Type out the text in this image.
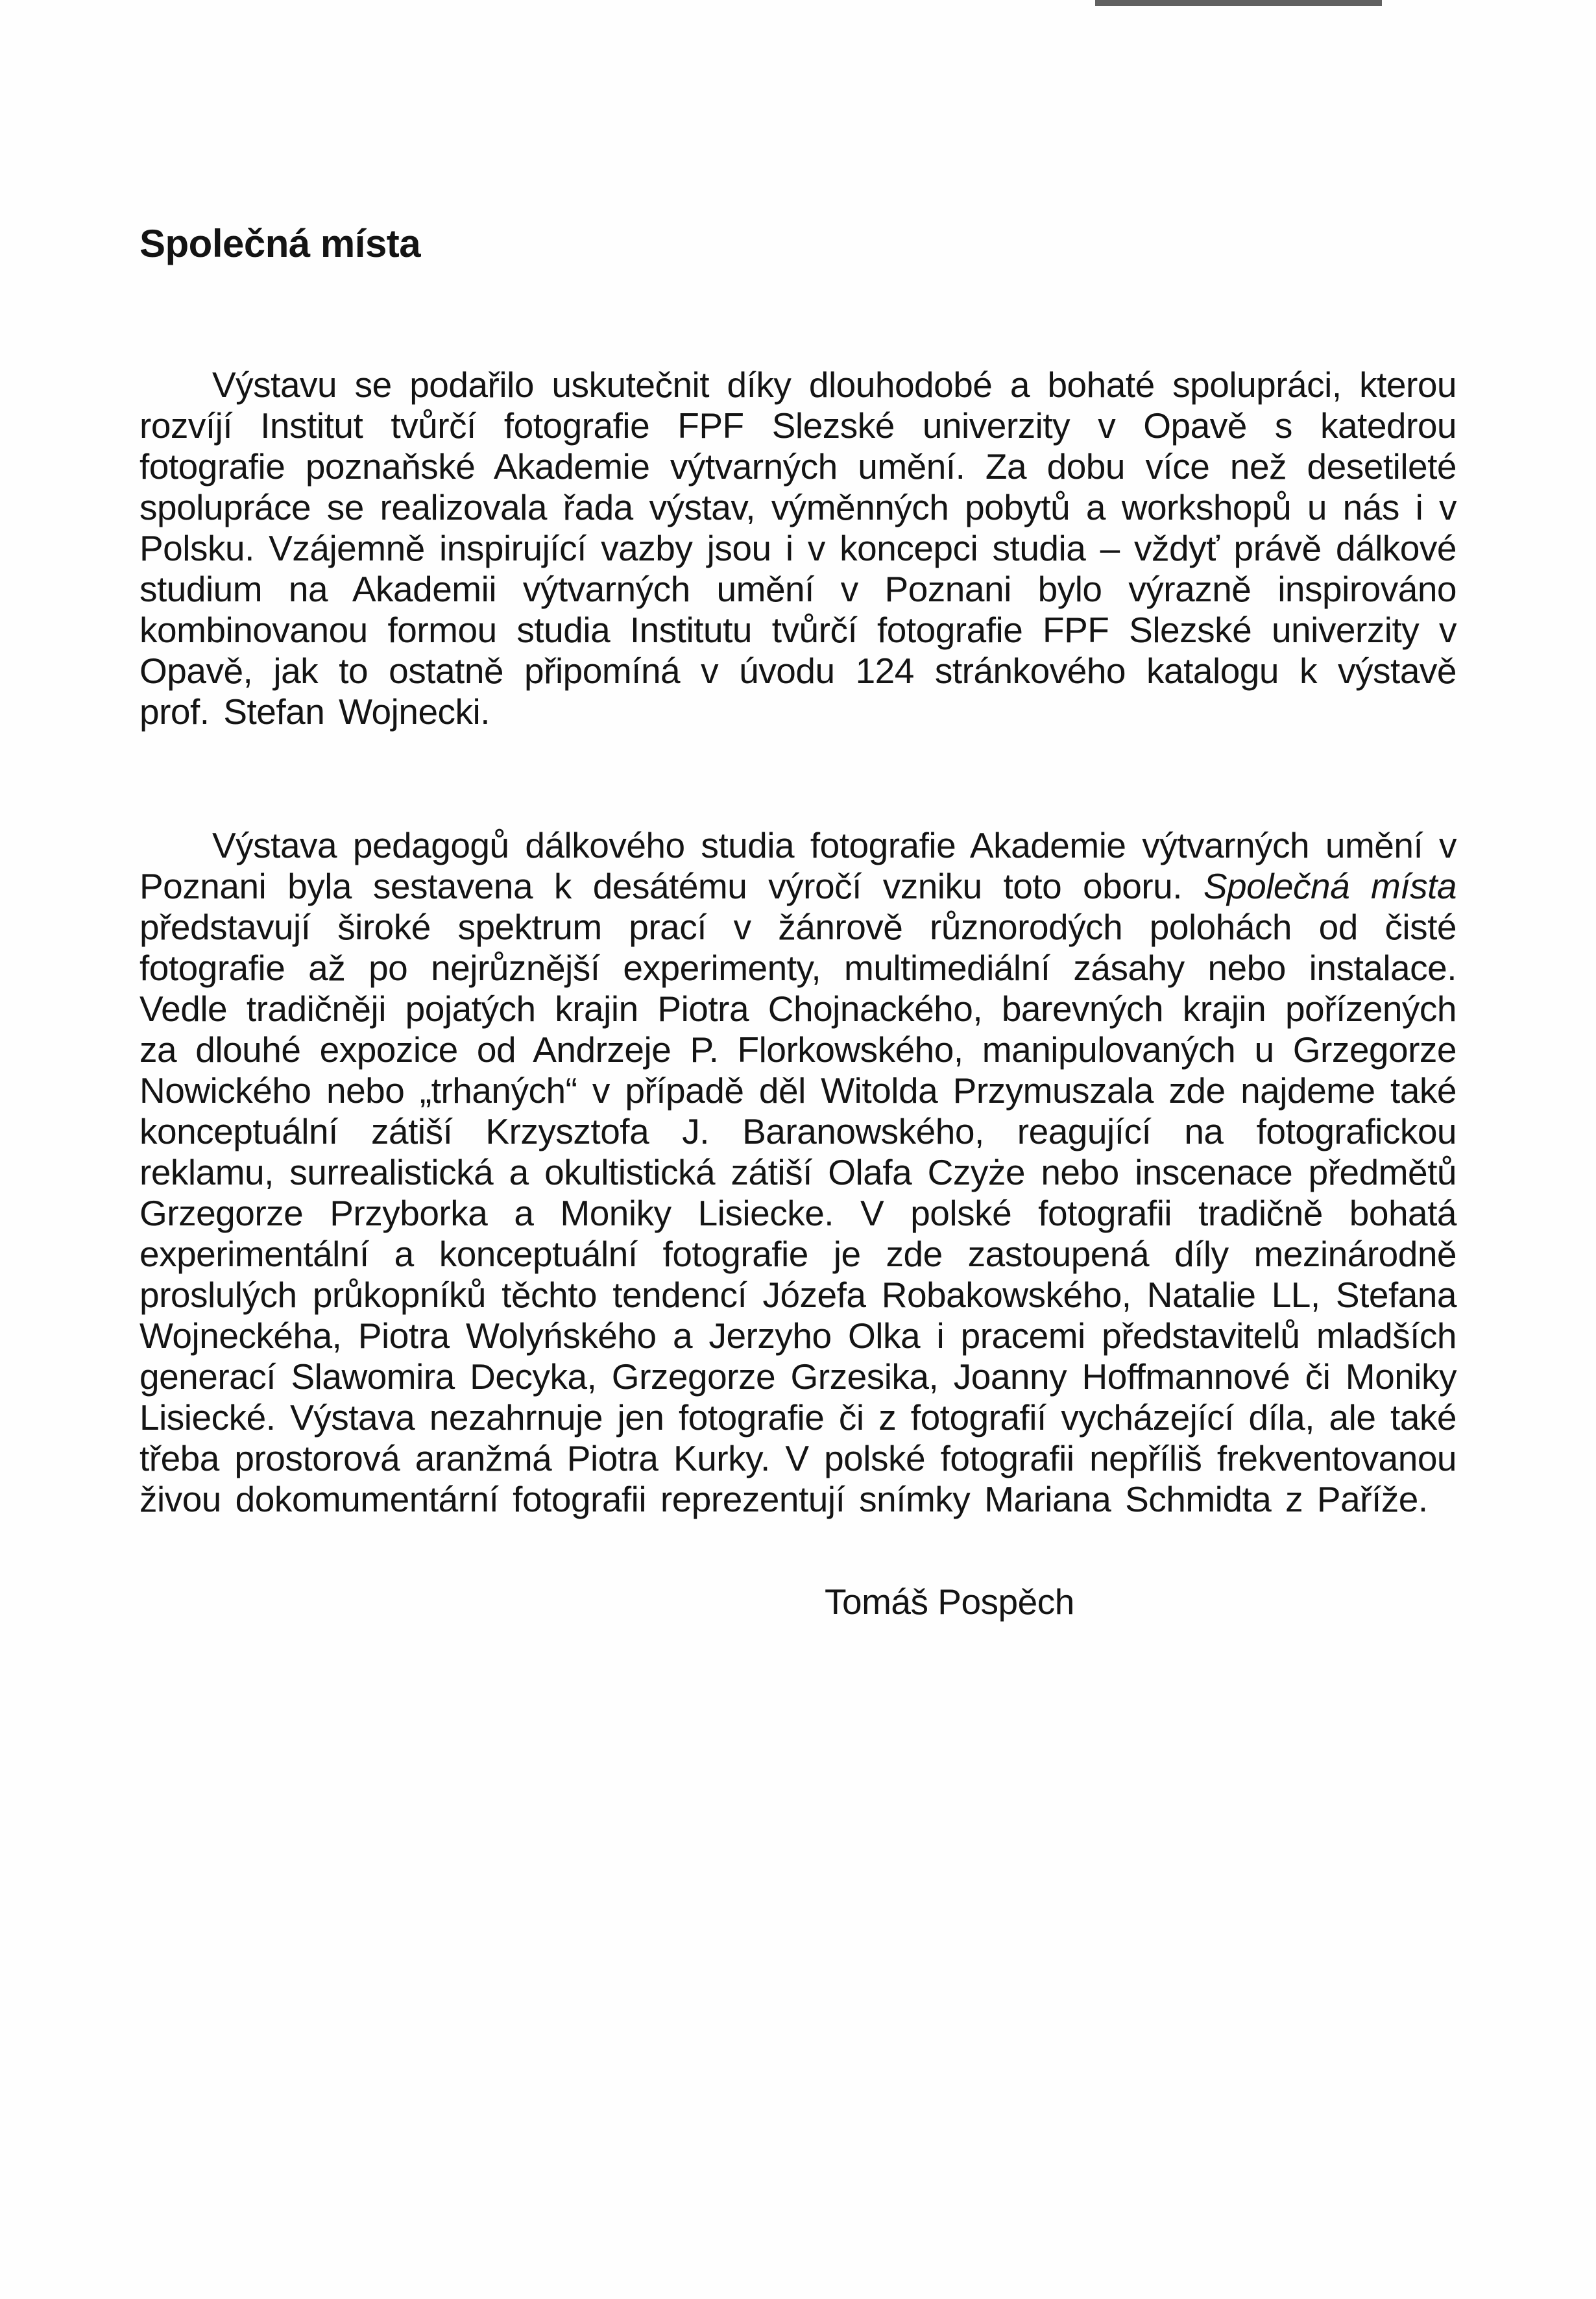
Společná místa

Výstavu se podařilo uskutečnit díky dlouhodobé a bohaté spolupráci, kterou rozvíjí Institut tvůrčí fotografie FPF Slezské univerzity v Opavě s katedrou fotografie poznaňské Akademie výtvarných umění. Za dobu více než desetileté spolupráce se realizovala řada výstav, výměnných pobytů a workshopů u nás i v Polsku. Vzájemně inspirující vazby jsou i v koncepci studia – vždyť právě dálkové studium na Akademii výtvarných umění v Poznani bylo výrazně inspirováno kombinovanou formou studia Institutu tvůrčí fotografie FPF Slezské univerzity v Opavě, jak to ostatně připomíná v úvodu 124 stránkového katalogu k výstavě prof. Stefan Wojnecki.

Výstava pedagogů dálkového studia fotografie Akademie výtvarných umění v Poznani byla sestavena k desátému výročí vzniku toto oboru. Společná místa představují široké spektrum prací v žánrově různorodých polohách od čisté fotografie až po nejrůznější experimenty, multimediální zásahy nebo instalace. Vedle tradičněji pojatých krajin Piotra Chojnackého, barevných krajin pořízených za dlouhé expozice od Andrzeje P. Florkowského, manipulovaných u Grzegorze Nowického nebo „trhaných“ v případě děl Witolda Przymuszala zde najdeme také konceptuální zátiší Krzysztofa J. Baranowského, reagující na fotografickou reklamu, surrealistická a okultistická zátiší Olafa Czyże nebo inscenace předmětů Grzegorze Przyborka a Moniky Lisiecke. V polské fotografii tradičně bohatá experimentální a konceptuální fotografie je zde zastoupená díly mezinárodně proslulých průkopníků těchto tendencí Józefa Robakowského, Natalie LL, Stefana Wojneckéha, Piotra Wolyńského a Jerzyho Olka i pracemi představitelů mladších generací Slawomira Decyka, Grzegorze Grzesika, Joanny Hoffmannové či Moniky Lisiecké. Výstava nezahrnuje jen fotografie či z fotografií vycházející díla, ale také třeba prostorová aranžmá Piotra Kurky. V polské fotografii nepříliš frekventovanou živou dokomumentární fotografii reprezentují snímky Mariana Schmidta z Paříže.

Tomáš Pospěch
